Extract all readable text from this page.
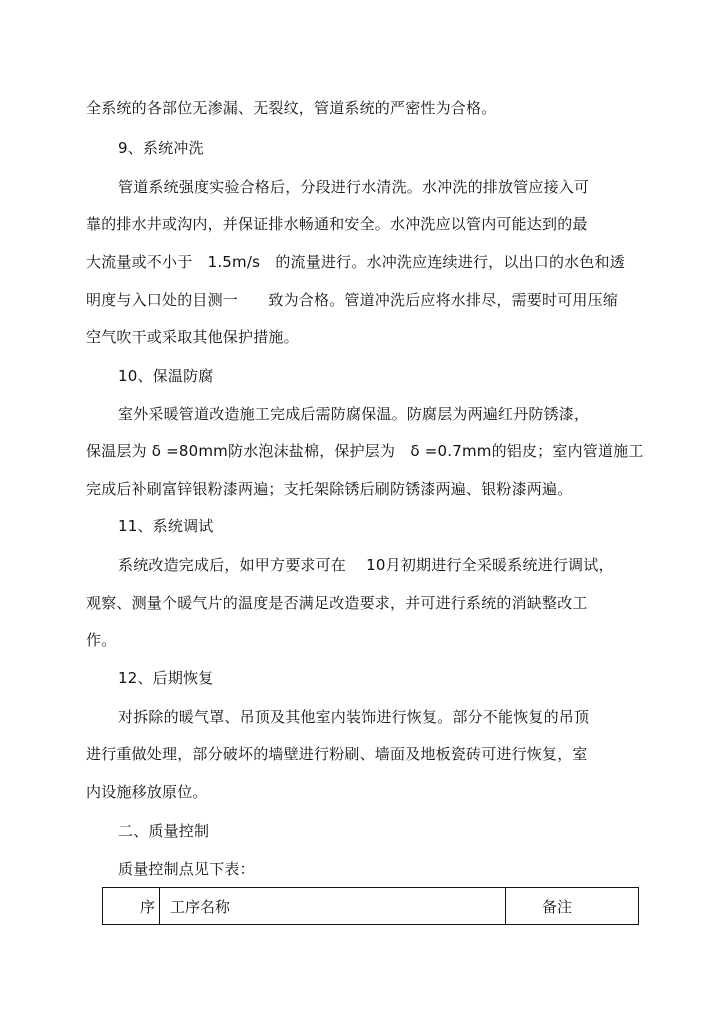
全系统的各部位无渗漏、无裂纹，管道系统的严密性为合格。
9、系统冲洗
管道系统强度实验合格后，分段进行水清洗。水冲洗的排放管应接入可
靠的排水井或沟内，并保证排水畅通和安全。水冲洗应以管内可能达到的最
大流量或不小于　1.5m/s　的流量进行。水冲洗应连续进行，以出口的水色和透
明度与入口处的目测一　　致为合格。管道冲洗后应将水排尽，需要时可用压缩
空气吹干或采取其他保护措施。
10、保温防腐
室外采暖管道改造施工完成后需防腐保温。防腐层为两遍红丹防锈漆，
保温层为 δ =80mm防水泡沫盐棉，保护层为　δ =0.7mm的铝皮；室内管道施工
完成后补刷富锌银粉漆两遍；支托架除锈后刷防锈漆两遍、银粉漆两遍。
11、系统调试
系统改造完成后，如甲方要求可在　 10月初期进行全采暖系统进行调试，
观察、测量个暖气片的温度是否满足改造要求，并可进行系统的消缺整改工
作。
12、后期恢复
对拆除的暖气罩、吊顶及其他室内装饰进行恢复。部分不能恢复的吊顶
进行重做处理，部分破坏的墙壁进行粉刷、墙面及地板瓷砖可进行恢复，室
内设施移放原位。
二、质量控制
质量控制点见下表：
序	工序名称	备注
